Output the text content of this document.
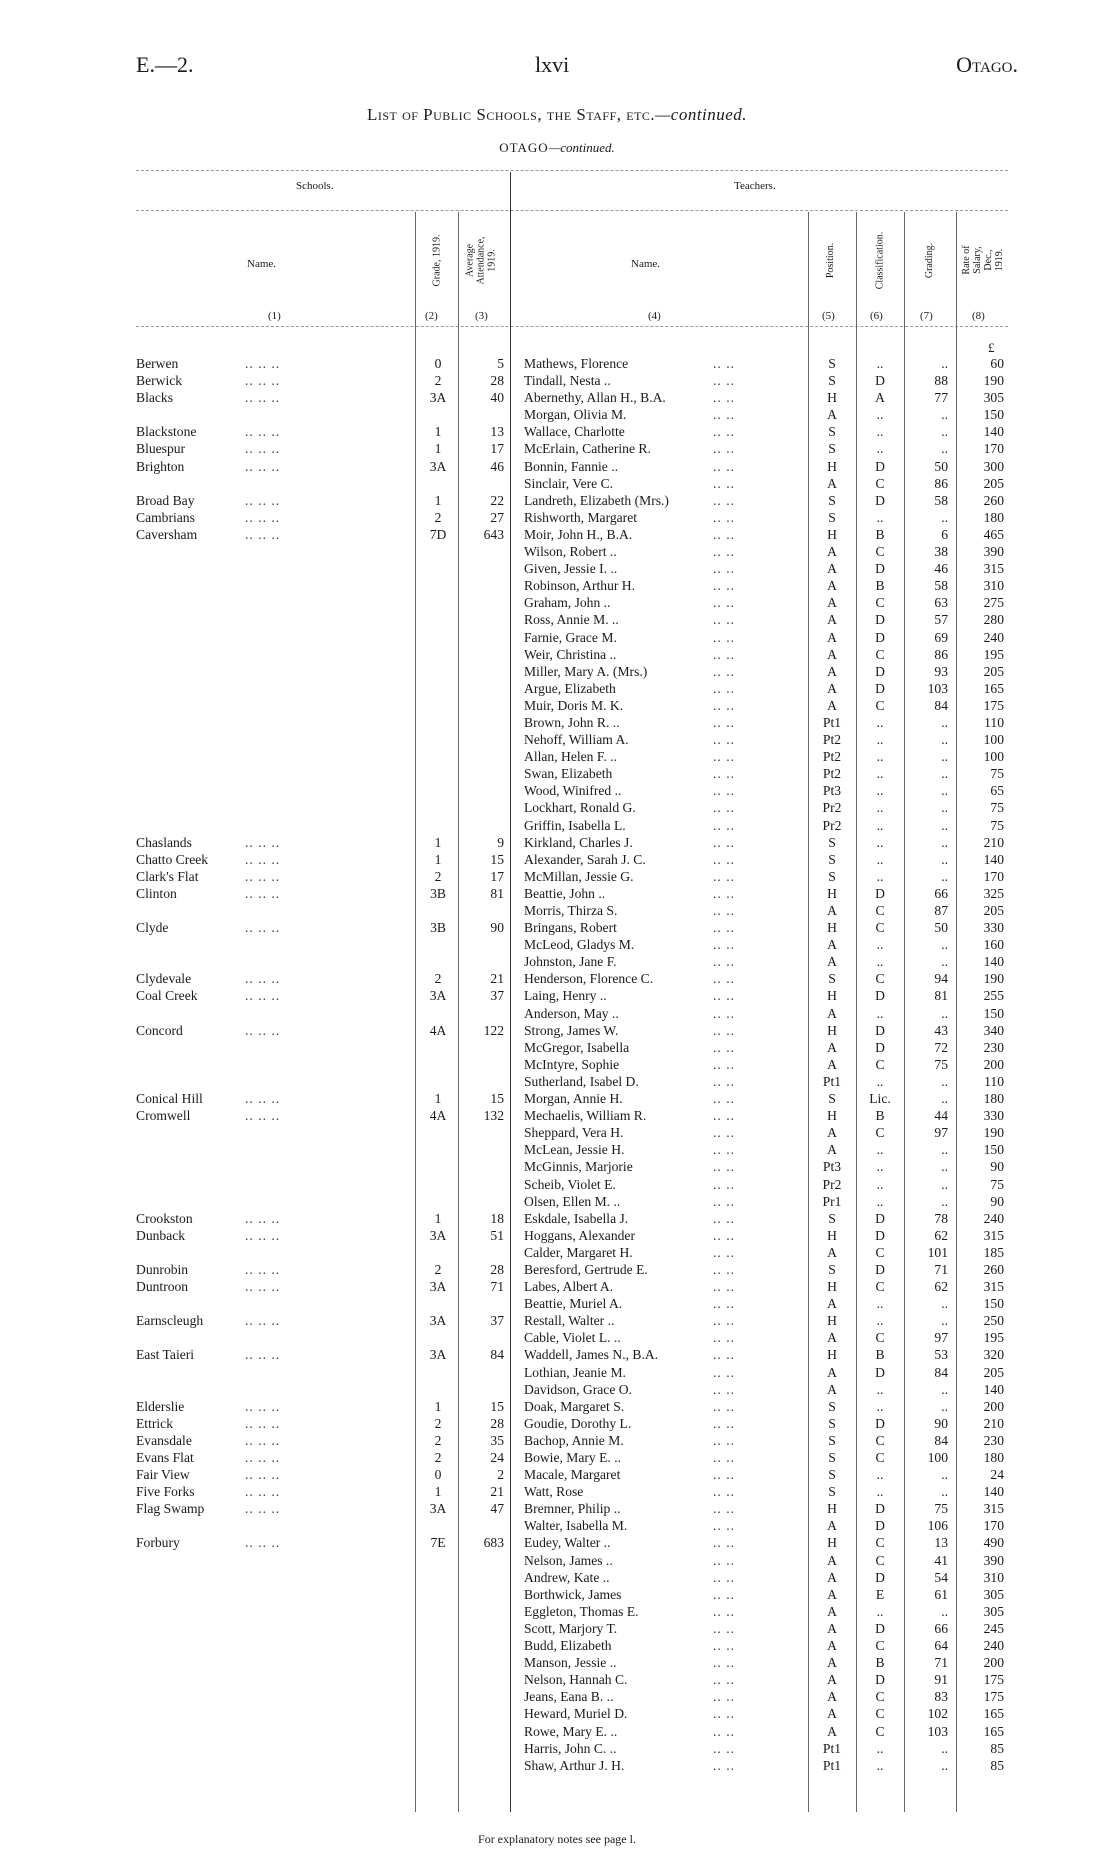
E.—2.	lxvi	Otago.
List of Public Schools, the Staff, etc.—continued.
OTAGO—continued.
Schools.	Teachers.
Name.	Grade, 1919. Average Attendance, 1919.	Name.	Position.	Classification.	Grading.	Rate of Salary, Dec., 1919.
(1)	(2)	(3)	(4)	(5)	(6)	(7)	(8)
£
Berwen	.. .. ..	0	5 Mathews, Florence	.. ..	S	..	..	60
Berwick	.. .. ..	2	28 Tindall, Nesta ..	.. ..	S	D	88	190
Blacks	.. .. ..	3A	40 Abernethy, Allan H., B.A.	.. ..	H	A	77	305
Morgan, Olivia M.	.. ..	A	..	..	150
Blackstone	.. .. ..	1	13 Wallace, Charlotte	.. ..	S	..	..	140
Bluespur	.. .. ..	1	17 McErlain, Catherine R.	.. ..	S	..	..	170
Brighton	.. .. ..	3A	46 Bonnin, Fannie ..	.. ..	H	D	50	300
Sinclair, Vere C.	.. ..	A	C	86	205
Broad Bay	.. .. ..	1	22 Landreth, Elizabeth (Mrs.)	.. ..	S	D	58	260
Cambrians	.. .. ..	2	27 Rishworth, Margaret	.. ..	S	..	..	180
Caversham	.. .. ..	7D	643 Moir, John H., B.A.	.. ..	H	B	6	465
Wilson, Robert ..	.. ..	A	C	38	390
Given, Jessie I. ..	.. ..	A	D	46	315
Robinson, Arthur H.	.. ..	A	B	58	310
Graham, John ..	.. ..	A	C	63	275
Ross, Annie M. ..	.. ..	A	D	57	280
Farnie, Grace M.	.. ..	A	D	69	240
Weir, Christina ..	.. ..	A	C	86	195
Miller, Mary A. (Mrs.)	.. ..	A	D	93	205
Argue, Elizabeth	.. ..	A	D	103	165
Muir, Doris M. K.	.. ..	A	C	84	175
Brown, John R. ..	.. ..	Pt1	..	..	110
Nehoff, William A.	.. ..	Pt2	..	..	100
Allan, Helen F. ..	.. ..	Pt2	..	..	100
Swan, Elizabeth	.. ..	Pt2	..	..	75
Wood, Winifred ..	.. ..	Pt3	..	..	65
Lockhart, Ronald G.	.. ..	Pr2	..	..	75
Griffin, Isabella L.	.. ..	Pr2	..	..	75
Chaslands	.. .. ..	1	9 Kirkland, Charles J.	.. ..	S	..	..	210
Chatto Creek	.. .. ..	1	15 Alexander, Sarah J. C.	.. ..	S	..	..	140
Clark's Flat	.. .. ..	2	17 McMillan, Jessie G.	.. ..	S	..	..	170
Clinton	.. .. ..	3B	81 Beattie, John ..	.. ..	H	D	66	325
Morris, Thirza S.	.. ..	A	C	87	205
Clyde	.. .. ..	3B	90 Bringans, Robert	.. ..	H	C	50	330
McLeod, Gladys M.	.. ..	A	..	..	160
Johnston, Jane F.	.. ..	A	..	..	140
Clydevale	.. .. ..	2	21 Henderson, Florence C.	.. ..	S	C	94	190
Coal Creek	.. .. ..	3A	37 Laing, Henry ..	.. ..	H	D	81	255
Anderson, May ..	.. ..	A	..	..	150
Concord	.. .. ..	4A	122 Strong, James W.	.. ..	H	D	43	340
McGregor, Isabella	.. ..	A	D	72	230
McIntyre, Sophie	.. ..	A	C	75	200
Sutherland, Isabel D.	.. ..	Pt1	..	..	110
Conical Hill	.. .. ..	1	15 Morgan, Annie H.	.. ..	S	Lic.	..	180
Cromwell	.. .. ..	4A	132 Mechaelis, William R.	.. ..	H	B	44	330
Sheppard, Vera H.	.. ..	A	C	97	190
McLean, Jessie H.	.. ..	A	..	..	150
McGinnis, Marjorie	.. ..	Pt3	..	..	90
Scheib, Violet E.	.. ..	Pr2	..	..	75
Olsen, Ellen M. ..	.. ..	Pr1	..	..	90
Crookston	.. .. ..	1	18 Eskdale, Isabella J.	.. ..	S	D	78	240
Dunback	.. .. ..	3A	51 Hoggans, Alexander	.. ..	H	D	62	315
Calder, Margaret H.	.. ..	A	C	101	185
Dunrobin	.. .. ..	2	28 Beresford, Gertrude E.	.. ..	S	D	71	260
Duntroon	.. .. ..	3A	71 Labes, Albert A.	.. ..	H	C	62	315
Beattie, Muriel A.	.. ..	A	..	..	150
Earnscleugh	.. .. ..	3A	37 Restall, Walter ..	.. ..	H	..	..	250
Cable, Violet L. ..	.. ..	A	C	97	195
East Taieri	.. .. ..	3A	84 Waddell, James N., B.A.	.. ..	H	B	53	320
Lothian, Jeanie M.	.. ..	A	D	84	205
Davidson, Grace O.	.. ..	A	..	..	140
Elderslie	.. .. ..	1	15 Doak, Margaret S.	.. ..	S	..	..	200
Ettrick	.. .. ..	2	28 Goudie, Dorothy L.	.. ..	S	D	90	210
Evansdale	.. .. ..	2	35 Bachop, Annie M.	.. ..	S	C	84	230
Evans Flat	.. .. ..	2	24 Bowie, Mary E. ..	.. ..	S	C	100	180
Fair View	.. .. ..	0	2 Macale, Margaret	.. ..	S	..	..	24
Five Forks	.. .. ..	1	21 Watt, Rose	.. ..	S	..	..	140
Flag Swamp	.. .. ..	3A	47 Bremner, Philip ..	.. ..	H	D	75	315
Walter, Isabella M.	.. ..	A	D	106	170
Forbury	.. .. ..	7E	683 Eudey, Walter ..	.. ..	H	C	13	490
Nelson, James ..	.. ..	A	C	41	390
Andrew, Kate ..	.. ..	A	D	54	310
Borthwick, James	.. ..	A	E	61	305
Eggleton, Thomas E.	.. ..	A	..	..	305
Scott, Marjory T.	.. ..	A	D	66	245
Budd, Elizabeth	.. ..	A	C	64	240
Manson, Jessie ..	.. ..	A	B	71	200
Nelson, Hannah C.	.. ..	A	D	91	175
Jeans, Eana B. ..	.. ..	A	C	83	175
Heward, Muriel D.	.. ..	A	C	102	165
Rowe, Mary E. ..	.. ..	A	C	103	165
Harris, John C. ..	.. ..	Pt1	..	..	85
Shaw, Arthur J. H.	.. ..	Pt1	..	..	85
For explanatory notes see page l.
